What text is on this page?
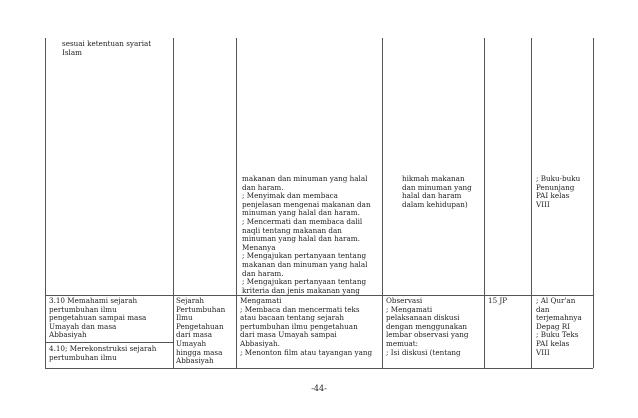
sesuai ketentuan syariat
Islam
makanan dan minuman yang halal
dan haram.
; Menyimak dan membaca
penjelasan mengenai makanan dan
minuman yang halal dan haram.
; Mencermati dan membaca dalil
naqli tentang makanan dan
minuman yang halal dan haram.
Menanya
; Mengajukan pertanyaan tentang
makanan dan minuman yang halal
dan haram.
; Mengajukan pertanyaan tentang
kriteria dan jenis makanan yang
hikmah makanan
dan minuman yang
halal dan haram
dalam kehidupan)
; Buku-buku
Penunjang
PAI kelas
VIII
3.10 Memahami sejarah
pertumbuhan ilmu
pengetahuan sampai masa
Umayah dan masa
Abbasiyah
4.10; Merekonstruksi sejarah
pertumbuhan ilmu
Sejarah
Pertumbuhan
Ilmu
Pengetahuan
dari masa
Umayah
hingga masa
Abbasiyah
Mengamati
; Membaca dan mencermati teks
atau bacaan tentang sejarah
pertumbuhan ilmu pengetahuan
dari masa Umayah sampai
Abbasiyah.
; Menonton film atau tayangan yang
Observasi
; Mengamati
pelaksanaan diskusi
dengan menggunakan
lembar observasi yang
memuat:
; Isi diskusi (tentang
15 JP	; Al Qur'an
dan
terjemahnya
Depag RI
; Buku Teks
PAI kelas
VIII
-44-
